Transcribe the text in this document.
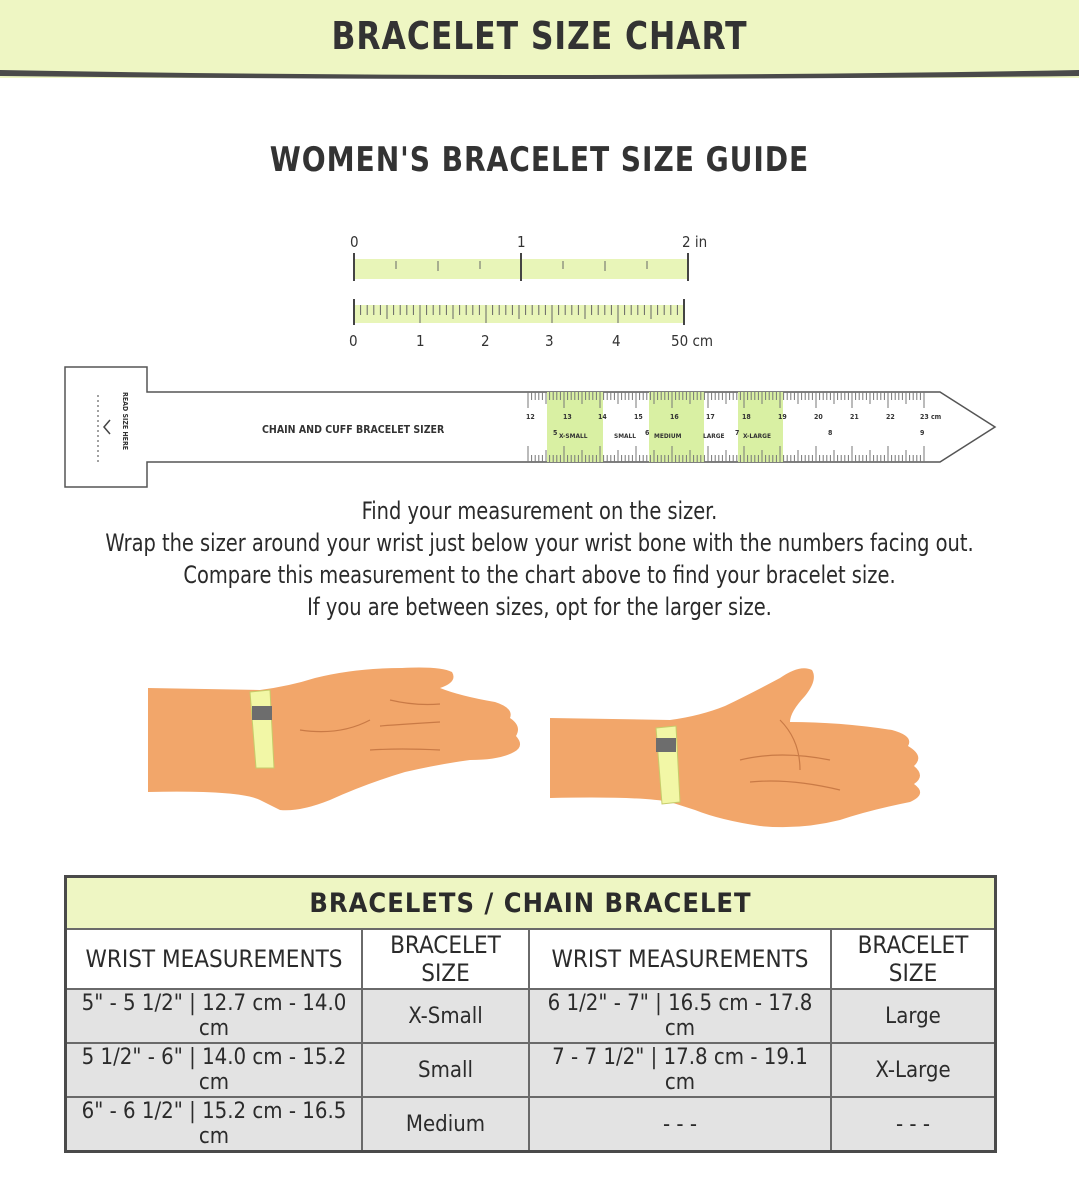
BRACELET SIZE CHART
WOMEN'S BRACELET SIZE GUIDE
0	1	2 in
0	1	2	3	4	50 cm
READ SIZE HERE	CHAIN AND CUFF BRACELET SIZER
12	13	14	15	16	17	18	19	20	21	22	23 cm
5	6	7	8	9
X-SMALL	SMALL	MEDIUM	LARGE	X-LARGE
Find your measurement on the sizer.
Wrap the sizer around your wrist just below your wrist bone with the numbers facing out.
Compare this measurement to the chart above to find your bracelet size.
If you are between sizes, opt for the larger size.
BRACELETS / CHAIN BRACELET			
WRIST MEASUREMENTS	BRACELET SIZE	WRIST MEASUREMENTS	BRACELET SIZE
5" - 5 1/2" | 12.7 cm - 14.0 cm	X-Small	6 1/2" - 7" | 16.5 cm - 17.8 cm	Large
5 1/2" - 6" | 14.0 cm - 15.2 cm	Small	7 - 7 1/2" | 17.8 cm - 19.1 cm	X-Large
6" - 6 1/2" | 15.2 cm - 16.5 cm	Medium	- - -	- - -
